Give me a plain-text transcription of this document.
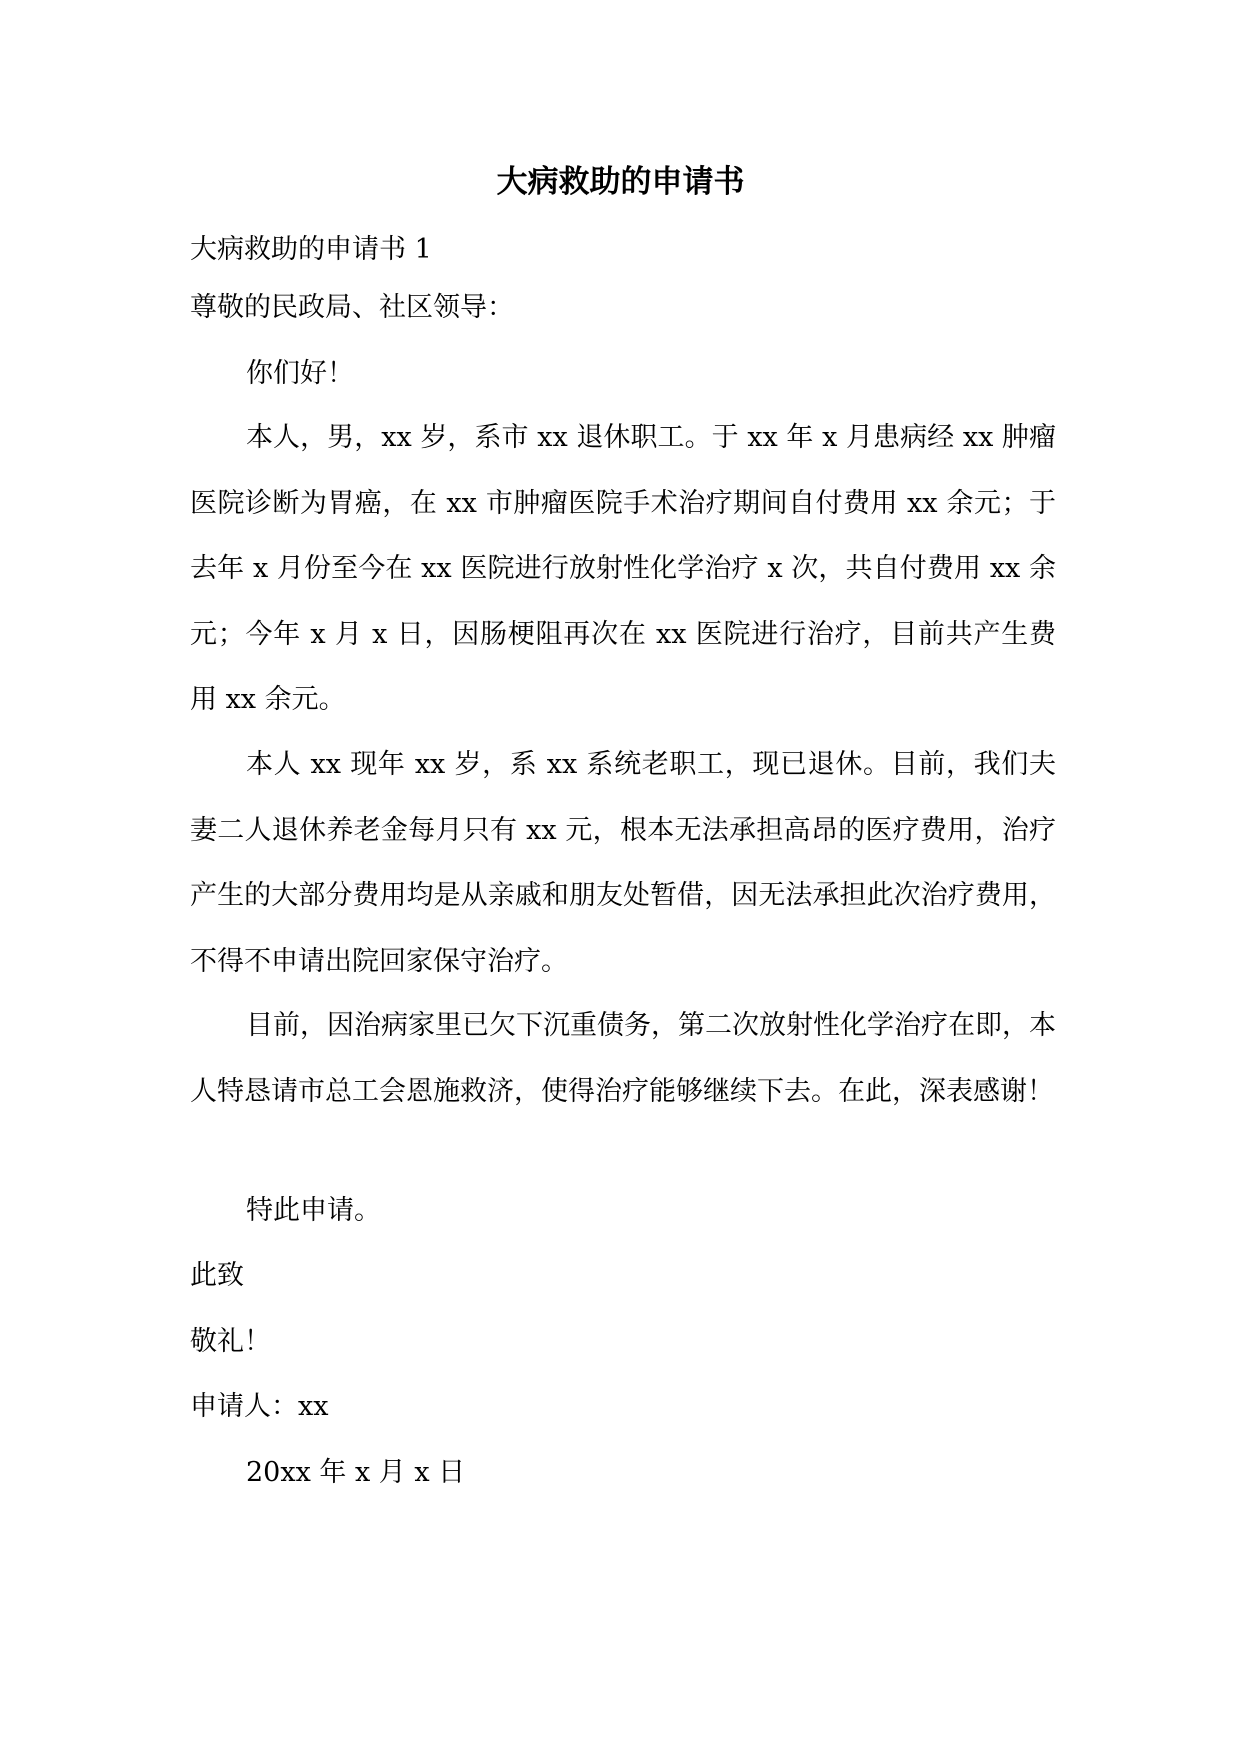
大病救助的申请书
大病救助的申请书 1
尊敬的民政局、社区领导：
你们好！

本人，男，xx 岁，系市 xx 退休职工。于 xx 年 x 月患病经 xx 肿瘤医院诊断为胃癌，在 xx 市肿瘤医院手术治疗期间自付费用 xx 余元；于去年 x 月份至今在 xx 医院进行放射性化学治疗 x 次，共自付费用 xx 余元；今年 x 月 x 日，因肠梗阻再次在 xx 医院进行治疗，目前共产生费用 xx 余元。

本人 xx 现年 xx 岁，系 xx 系统老职工，现已退休。目前，我们夫妻二人退休养老金每月只有 xx 元，根本无法承担高昂的医疗费用，治疗产生的大部分费用均是从亲戚和朋友处暂借，因无法承担此次治疗费用，不得不申请出院回家保守治疗。

目前，因治病家里已欠下沉重债务，第二次放射性化学治疗在即，本人特恳请市总工会恩施救济，使得治疗能够继续下去。在此，深表感谢！

特此申请。
此致
敬礼！
申请人：xx
20xx 年 x 月 x 日
